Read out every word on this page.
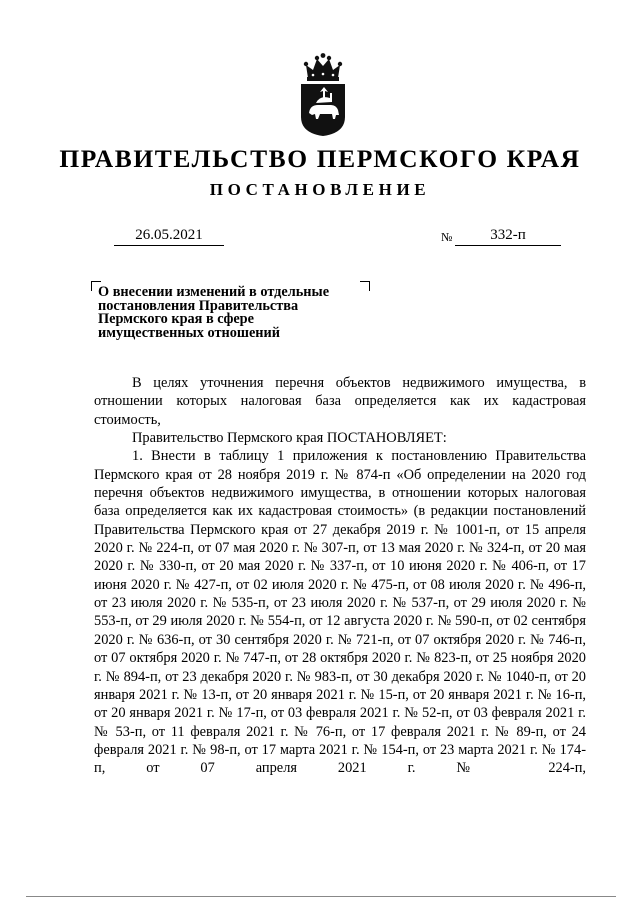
ПРАВИТЕЛЬСТВО ПЕРМСКОГО КРАЯ
ПОСТАНОВЛЕНИЕ
26.05.2021	№	332-п
О внесении изменений в отдельные
постановления Правительства
Пермского края в сфере
имущественных отношений

В целях уточнения перечня объектов недвижимого имущества, в отношении которых налоговая база определяется как их кадастровая стоимость,

Правительство Пермского края ПОСТАНОВЛЯЕТ:

1. Внести в таблицу 1 приложения к постановлению Правительства Пермского края от 28 ноября 2019 г. № 874-п «Об определении на 2020 год перечня объектов недвижимого имущества, в отношении которых налоговая база определяется как их кадастровая стоимость» (в редакции постановлений Правительства Пермского края от 27 декабря 2019 г. № 1001-п, от 15 апреля 2020 г. № 224-п, от 07 мая 2020 г. № 307-п, от 13 мая 2020 г. № 324-п, от 20 мая 2020 г. № 330-п, от 20 мая 2020 г. № 337-п, от 10 июня 2020 г. № 406-п, от 17 июня 2020 г. № 427-п, от 02 июля 2020 г. № 475-п, от 08 июля 2020 г. № 496-п, от 23 июля 2020 г. № 535-п, от 23 июля 2020 г. № 537-п, от 29 июля 2020 г. № 553-п, от 29 июля 2020 г. № 554-п, от 12 августа 2020 г. № 590-п, от 02 сентября 2020 г. № 636-п, от 30 сентября 2020 г. № 721-п, от 07 октября 2020 г. № 746-п, от 07 октября 2020 г. № 747-п, от 28 октября 2020 г. № 823-п, от 25 ноября 2020 г. № 894-п, от 23 декабря 2020 г. № 983-п, от 30 декабря 2020 г. № 1040-п, от 20 января 2021 г. № 13-п, от 20 января 2021 г. № 15-п, от 20 января 2021 г. № 16-п, от 20 января 2021 г. № 17-п, от 03 февраля 2021 г. № 52-п, от 03 февраля 2021 г. № 53-п, от 11 февраля 2021 г. № 76-п, от 17 февраля 2021 г. № 89-п, от 24 февраля 2021 г. № 98-п, от 17 марта 2021 г. № 154-п, от 23 марта 2021 г. № 174-п, от 07 апреля 2021 г. № 224-п,
